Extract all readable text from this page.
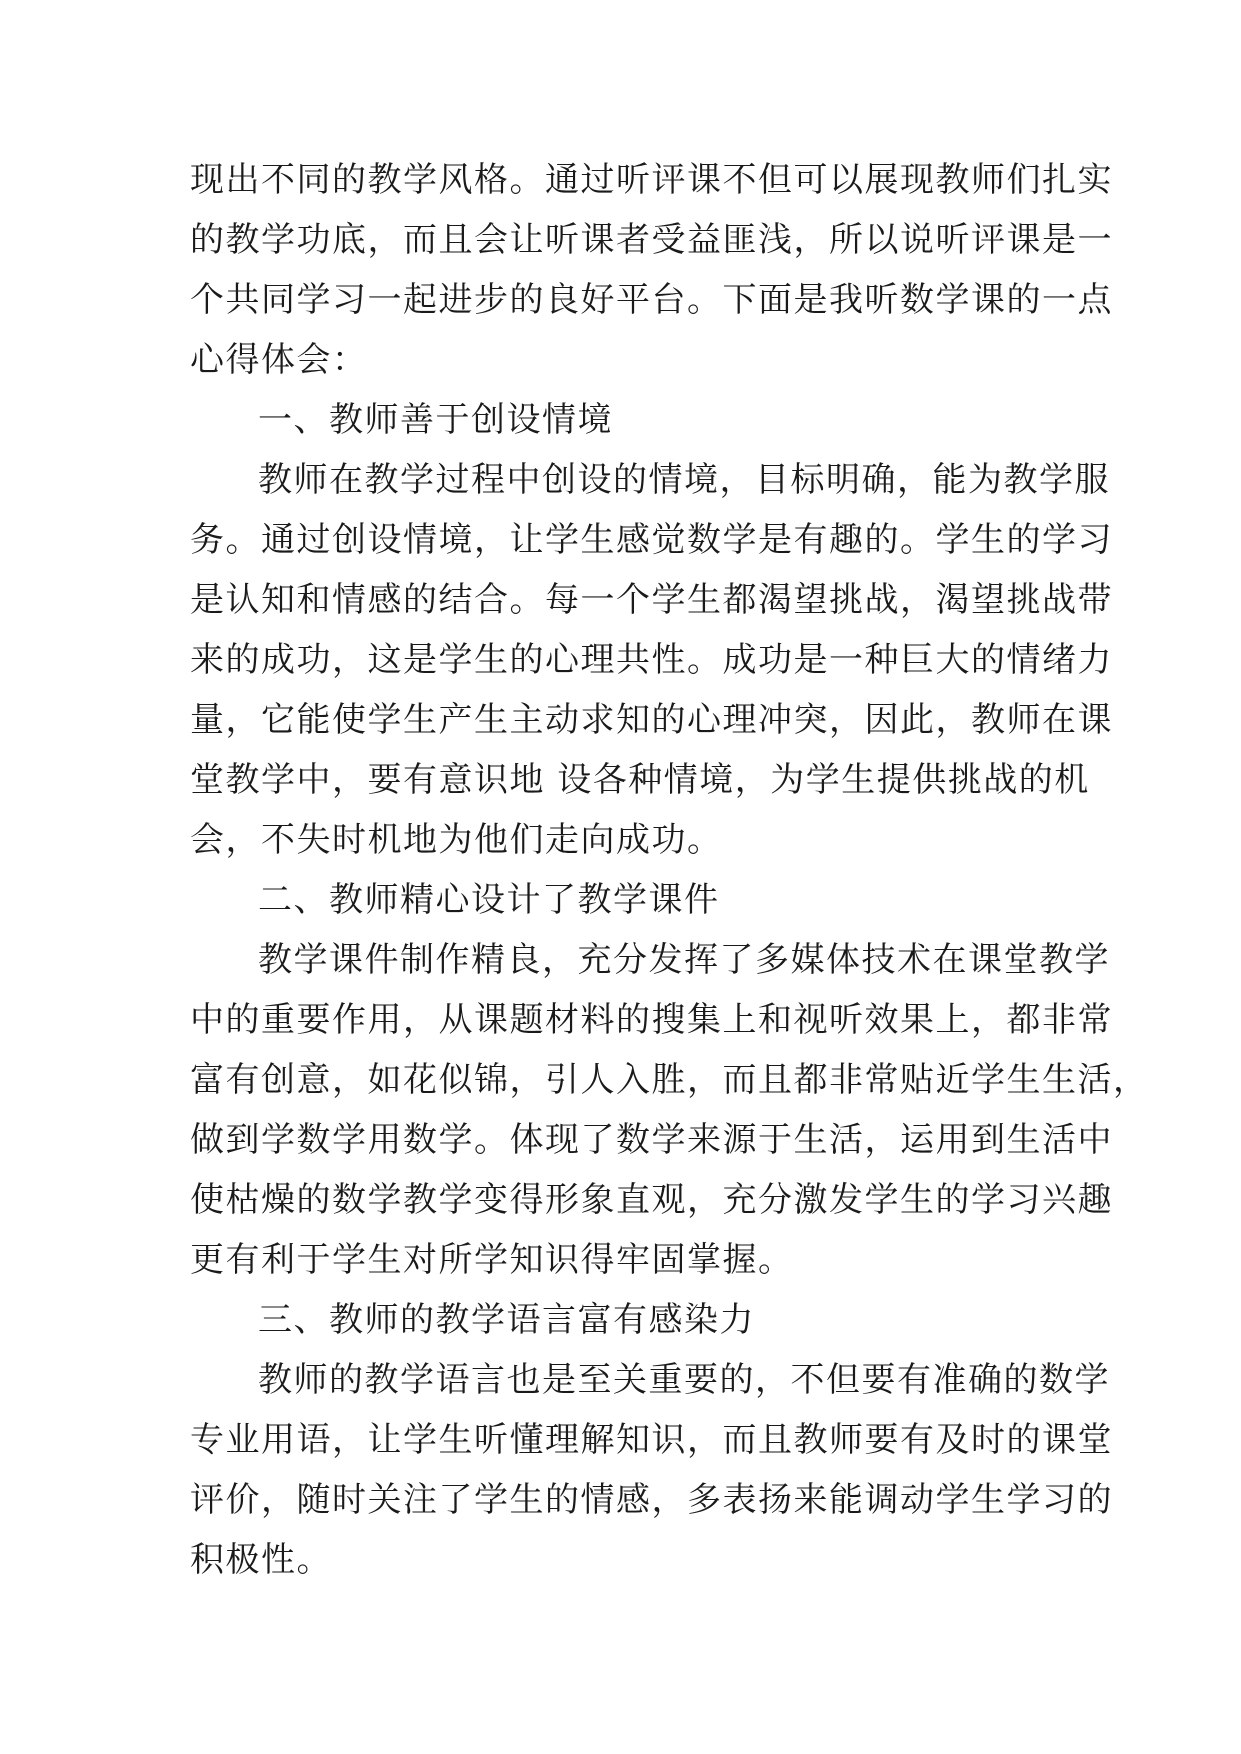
现出不同的教学风格。通过听评课不但可以展现教师们扎实
的教学功底，而且会让听课者受益匪浅，所以说听评课是一
个共同学习一起进步的良好平台。下面是我听数学课的一点
心得体会：
一、教师善于创设情境
教师在教学过程中创设的情境，目标明确，能为教学服
务。通过创设情境，让学生感觉数学是有趣的。学生的学习
是认知和情感的结合。每一个学生都渴望挑战，渴望挑战带
来的成功，这是学生的心理共性。成功是一种巨大的情绪力
量，它能使学生产生主动求知的心理冲突，因此，教师在课
堂教学中，要有意识地 设各种情境，为学生提供挑战的机
会，不失时机地为他们走向成功。
二、教师精心设计了教学课件
教学课件制作精良，充分发挥了多媒体技术在课堂教学
中的重要作用，从课题材料的搜集上和视听效果上，都非常
富有创意，如花似锦，引人入胜，而且都非常贴近学生生活，
做到学数学用数学。体现了数学来源于生活，运用到生活中
使枯燥的数学教学变得形象直观，充分激发学生的学习兴趣
更有利于学生对所学知识得牢固掌握。
三、教师的教学语言富有感染力
教师的教学语言也是至关重要的，不但要有准确的数学
专业用语，让学生听懂理解知识，而且教师要有及时的课堂
评价，随时关注了学生的情感，多表扬来能调动学生学习的
积极性。
